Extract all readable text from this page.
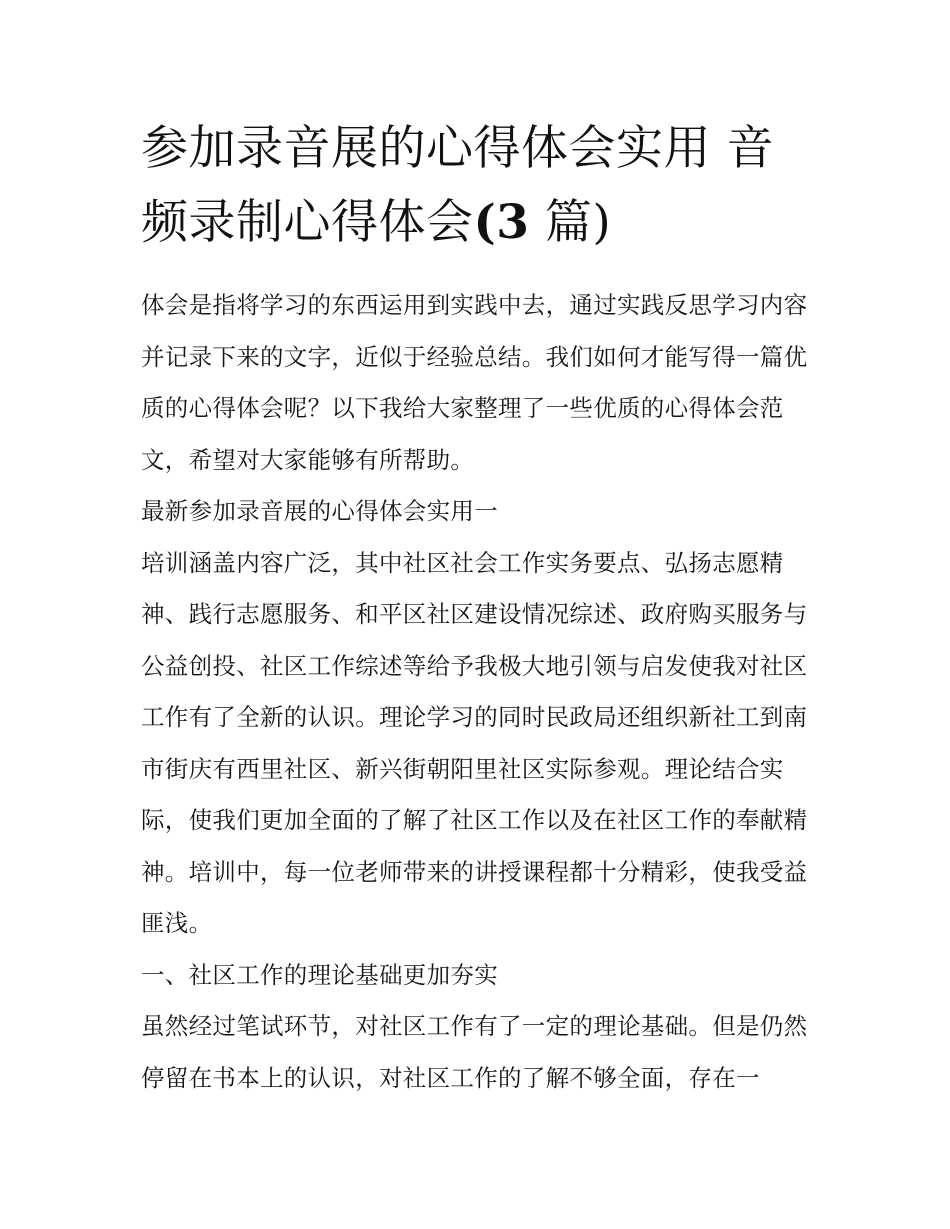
参加录音展的心得体会实用 音频录制心得体会(3 篇)

体会是指将学习的东西运用到实践中去，通过实践反思学习内容并记录下来的文字，近似于经验总结。我们如何才能写得一篇优质的心得体会呢？以下我给大家整理了一些优质的心得体会范文，希望对大家能够有所帮助。

最新参加录音展的心得体会实用一

培训涵盖内容广泛，其中社区社会工作实务要点、弘扬志愿精神、践行志愿服务、和平区社区建设情况综述、政府购买服务与公益创投、社区工作综述等给予我极大地引领与启发使我对社区工作有了全新的认识。理论学习的同时民政局还组织新社工到南市街庆有西里社区、新兴街朝阳里社区实际参观。理论结合实际，使我们更加全面的了解了社区工作以及在社区工作的奉献精神。培训中，每一位老师带来的讲授课程都十分精彩，使我受益匪浅。

一、社区工作的理论基础更加夯实

虽然经过笔试环节，对社区工作有了一定的理论基础。但是仍然停留在书本上的认识，对社区工作的了解不够全面，存在一
